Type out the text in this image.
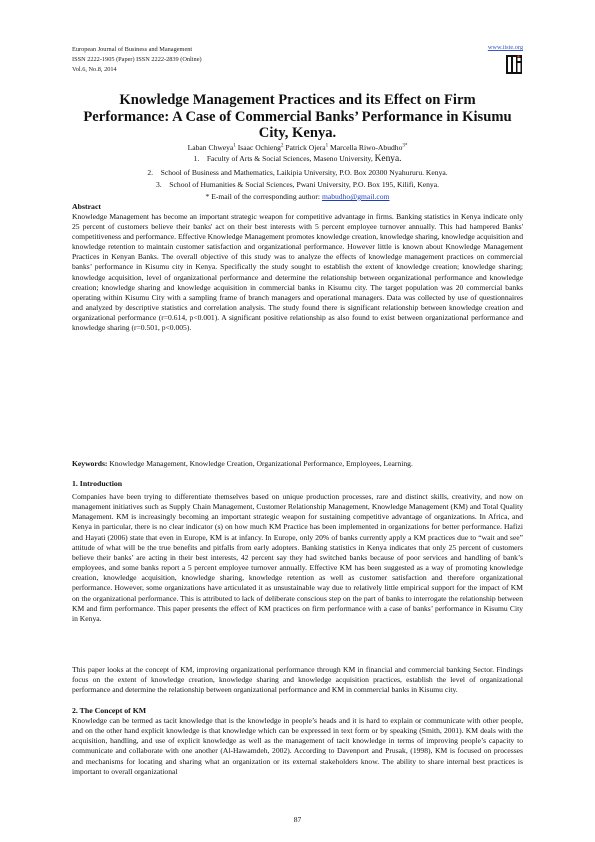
European Journal of Business and Management
ISSN 2222-1905 (Paper) ISSN 2222-2839 (Online)
Vol.6, No.8, 2014
www.iiste.org
Knowledge Management Practices and its Effect on Firm Performance: A Case of Commercial Banks’ Performance in Kisumu City, Kenya.
Laban Chweya$^1$ Isaac Ochieng$^2$ Patrick Ojera$^1$ Marcella Riwo-Abudho$^{3*}$
1. Faculty of Arts & Social Sciences, Maseno University, Kenya.
2. School of Business and Mathematics, Laikipia University, P.O. Box 20300 Nyahururu. Kenya.
3. School of Humanities & Social Sciences, Pwani University, P.O. Box 195, Kilifi, Kenya.
* E-mail of the corresponding author: mabudho@gmail.com
Abstract
Knowledge Management has become an important strategic weapon for competitive advantage in firms. Banking statistics in Kenya indicate only 25 percent of customers believe their banks' act on their best interests with 5 percent employee turnover annually. This had hampered Banks' competitiveness and performance. Effective Knowledge Management promotes knowledge creation, knowledge sharing, knowledge acquisition and knowledge retention to maintain customer satisfaction and organizational performance. However little is known about Knowledge Management Practices in Kenyan Banks. The overall objective of this study was to analyze the effects of knowledge management practices on commercial banks’ performance in Kisumu city in Kenya. Specifically the study sought to establish the extent of knowledge creation; knowledge sharing; knowledge acquisition, level of organizational performance and determine the relationship between organizational performance and knowledge creation; knowledge sharing and knowledge acquisition in commercial banks in Kisumu city. The target population was 20 commercial banks operating within Kisumu City with a sampling frame of branch managers and operational managers. Data was collected by use of questionnaires and analyzed by descriptive statistics and correlation analysis. The study found there is significant relationship between knowledge creation and organizational performance (r=0.614, p<0.001). A significant positive relationship as also found to exist between organizational performance and knowledge sharing (r=0.501, p<0.005).
Keywords: Knowledge Management, Knowledge Creation, Organizational Performance, Employees, Learning.
1. Introduction
Companies have been trying to differentiate themselves based on unique production processes, rare and distinct skills, creativity, and now on management initiatives such as Supply Chain Management, Customer Relationship Management, Knowledge Management (KM) and Total Quality Management. KM is increasingly becoming an important strategic weapon for sustaining competitive advantage of organizations. In Africa, and Kenya in particular, there is no clear indicator (s) on how much KM Practice has been implemented in organizations for better performance. Hafizi and Hayati (2006) state that even in Europe, KM is at infancy. In Europe, only 20% of banks currently apply a KM practices due to “wait and see” attitude of what will be the true benefits and pitfalls from early adopters. Banking statistics in Kenya indicates that only 25 percent of customers believe their banks’ are acting in their best interests, 42 percent say they had switched banks because of poor services and handling of bank’s employees, and some banks report a 5 percent employee turnover annually. Effective KM has been suggested as a way of promoting knowledge creation, knowledge acquisition, knowledge sharing, knowledge retention as well as customer satisfaction and therefore organizational performance. However, some organizations have articulated it as unsustainable way due to relatively little empirical support for the impact of KM on the organizational performance. This is attributed to lack of deliberate conscious step on the part of banks to interrogate the relationship between KM and firm performance. This paper presents the effect of KM practices on firm performance with a case of banks’ performance in Kisumu City in Kenya.
This paper looks at the concept of KM, improving organizational performance through KM in financial and commercial banking Sector. Findings focus on the extent of knowledge creation, knowledge sharing and knowledge acquisition practices, establish the level of organizational performance and determine the relationship between organizational performance and KM in commercial banks in Kisumu city.
2. The Concept of KM
Knowledge can be termed as tacit knowledge that is the knowledge in people’s heads and it is hard to explain or communicate with other people, and on the other hand explicit knowledge is that knowledge which can be expressed in text form or by speaking (Smith, 2001). KM deals with the acquisition, handling, and use of explicit knowledge as well as the management of tacit knowledge in terms of improving people’s capacity to communicate and collaborate with one another (Al-Hawamdeh, 2002). According to Davenport and Prusak, (1998), KM is focused on processes and mechanisms for locating and sharing what an organization or its external stakeholders know. The ability to share internal best practices is important to overall organizational
87
